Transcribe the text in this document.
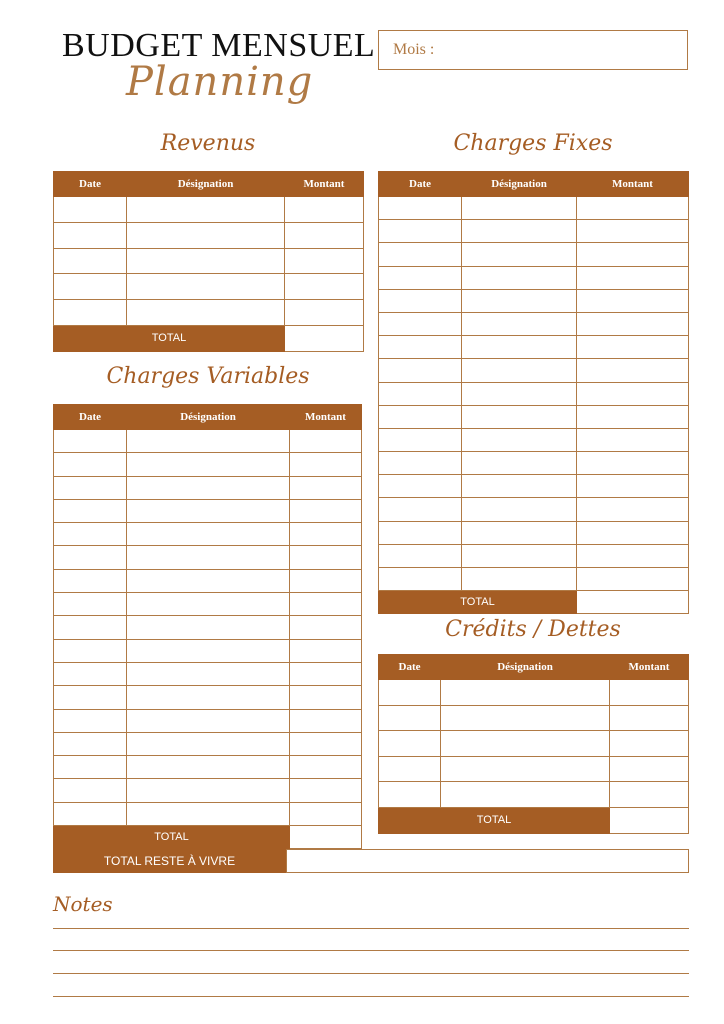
BUDGET MENSUEL
Planning
Mois :
Revenus
Date	Désignation	Montant

TOTAL		
Charges Fixes
Date	Désignation	Montant

TOTAL		
Charges Variables
Date	Désignation	Montant

TOTAL		
Crédits / Dettes
Date	Désignation	Montant

TOTAL		
TOTAL RESTE À VIVRE
Notes
